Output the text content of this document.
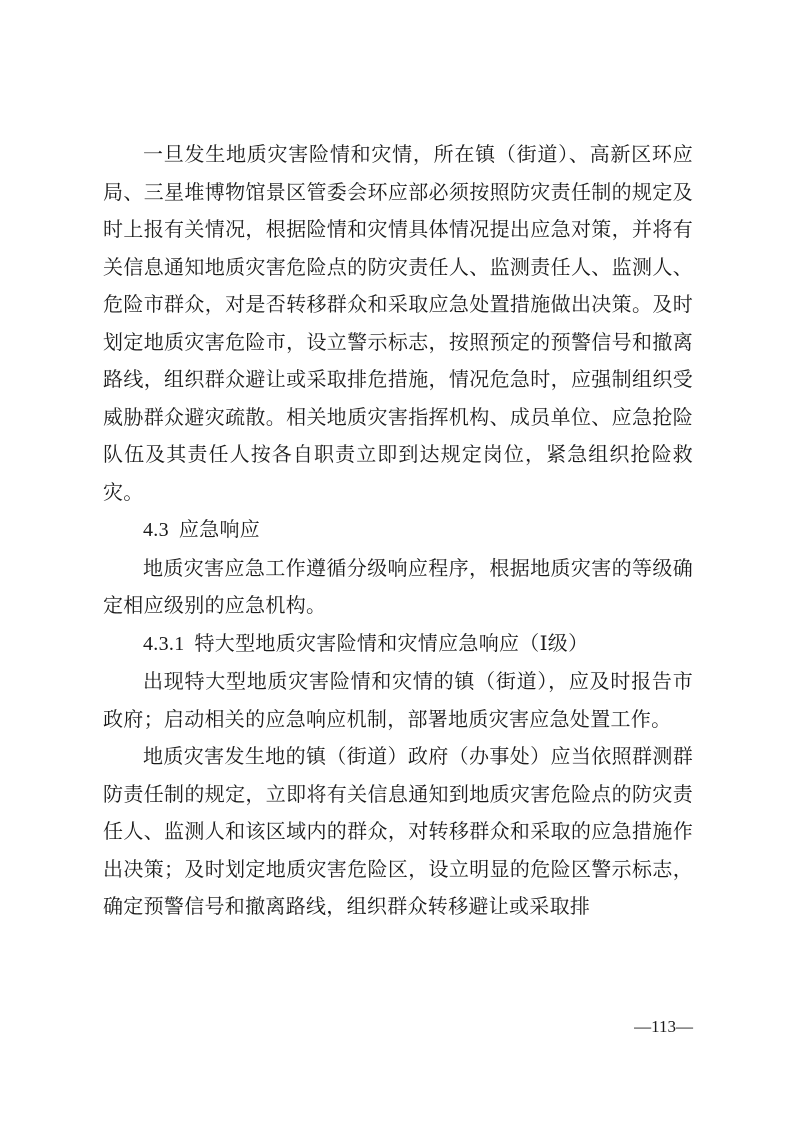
一旦发生地质灾害险情和灾情，所在镇（街道）、高新区环应局、三星堆博物馆景区管委会环应部必须按照防灾责任制的规定及时上报有关情况，根据险情和灾情具体情况提出应急对策，并将有关信息通知地质灾害危险点的防灾责任人、监测责任人、监测人、危险市群众，对是否转移群众和采取应急处置措施做出决策。及时划定地质灾害危险市，设立警示标志，按照预定的预警信号和撤离路线，组织群众避让或采取排危措施，情况危急时，应强制组织受威胁群众避灾疏散。相关地质灾害指挥机构、成员单位、应急抢险队伍及其责任人按各自职责立即到达规定岗位，紧急组织抢险救灾。

4.3 应急响应

地质灾害应急工作遵循分级响应程序，根据地质灾害的等级确定相应级别的应急机构。

4.3.1 特大型地质灾害险情和灾情应急响应（Ⅰ级）

出现特大型地质灾害险情和灾情的镇（街道），应及时报告市政府；启动相关的应急响应机制，部署地质灾害应急处置工作。

地质灾害发生地的镇（街道）政府（办事处）应当依照群测群防责任制的规定，立即将有关信息通知到地质灾害危险点的防灾责任人、监测人和该区域内的群众，对转移群众和采取的应急措施作出决策；及时划定地质灾害危险区，设立明显的危险区警示标志，确定预警信号和撤离路线，组织群众转移避让或采取排

—113—
